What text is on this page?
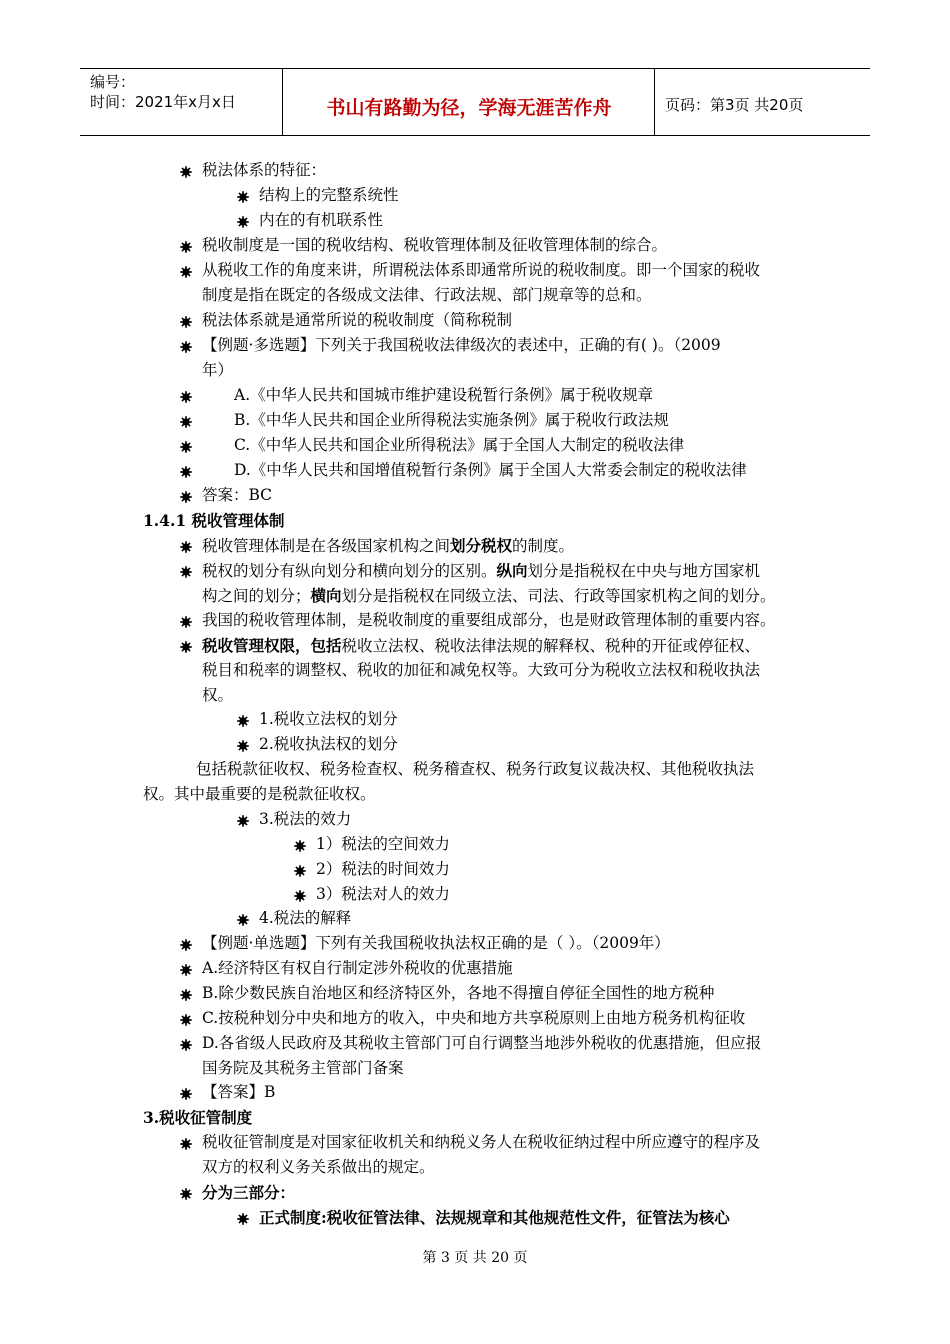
编号：
时间：2021年x月x日	书山有路勤为径，学海无涯苦作舟	页码：第3页 共20页
税法体系的特征：
结构上的完整系统性
内在的有机联系性
税收制度是一国的税收结构、税收管理体制及征收管理体制的综合。
从税收工作的角度来讲，所谓税法体系即通常所说的税收制度。即一个国家的税收
制度是指在既定的各级成文法律、行政法规、部门规章等的总和。
税法体系就是通常所说的税收制度（简称税制
【例题·多选题】下列关于我国税收法律级次的表述中，正确的有( )。（2009
年）
A.《中华人民共和国城市维护建设税暂行条例》属于税收规章
B.《中华人民共和国企业所得税法实施条例》属于税收行政法规
C.《中华人民共和国企业所得税法》属于全国人大制定的税收法律
D.《中华人民共和国增值税暂行条例》属于全国人大常委会制定的税收法律
答案：BC
1.4.1 税收管理体制
税收管理体制是在各级国家机构之间划分税权的制度。
税权的划分有纵向划分和横向划分的区别。纵向划分是指税权在中央与地方国家机
构之间的划分；横向划分是指税权在同级立法、司法、行政等国家机构之间的划分。
我国的税收管理体制，是税收制度的重要组成部分，也是财政管理体制的重要内容。
税收管理权限，包括税收立法权、税收法律法规的解释权、税种的开征或停征权、
税目和税率的调整权、税收的加征和减免权等。大致可分为税收立法权和税收执法
权。
1.税收立法权的划分
2.税收执法权的划分
包括税款征收权、税务检查权、税务稽查权、税务行政复议裁决权、其他税收执法
权。其中最重要的是税款征收权。
3.税法的效力
1）税法的空间效力
2）税法的时间效力
3）税法对人的效力
4.税法的解释
【例题·单选题】下列有关我国税收执法权正确的是（ ）。（2009年）
A.经济特区有权自行制定涉外税收的优惠措施
B.除少数民族自治地区和经济特区外，各地不得擅自停征全国性的地方税种
C.按税种划分中央和地方的收入，中央和地方共享税原则上由地方税务机构征收
D.各省级人民政府及其税收主管部门可自行调整当地涉外税收的优惠措施，但应报
国务院及其税务主管部门备案
【答案】B
3.税收征管制度
税收征管制度是对国家征收机关和纳税义务人在税收征纳过程中所应遵守的程序及
双方的权利义务关系做出的规定。
分为三部分：
正式制度:税收征管法律、法规规章和其他规范性文件，征管法为核心
第 3 页 共 20 页
